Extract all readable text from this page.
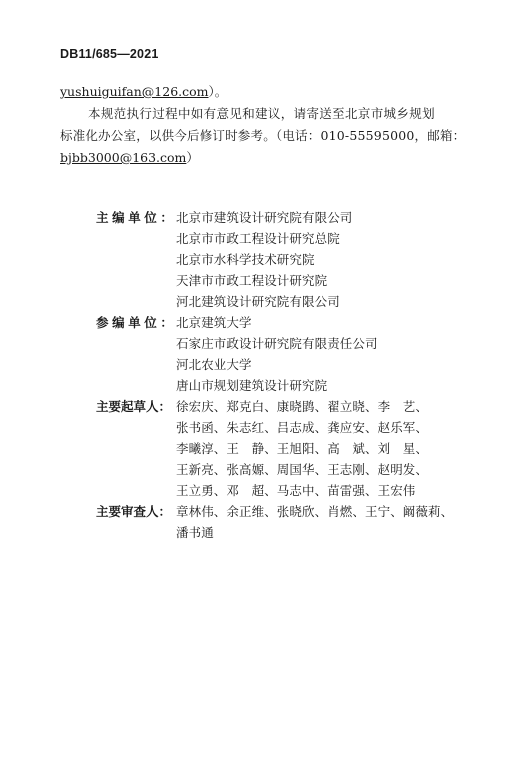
DB11/685—2021
yushuiguifan@126.com）。
本规范执行过程中如有意见和建议，请寄送至北京市城乡规划
标准化办公室，以供今后修订时参考。（电话：010-55595000，邮箱：
bjbb3000@163.com）
主编单位： 北京市建筑设计研究院有限公司
北京市市政工程设计研究总院
北京市水科学技术研究院
天津市市政工程设计研究院
河北建筑设计研究院有限公司
参编单位： 北京建筑大学
石家庄市政设计研究院有限责任公司
河北农业大学
唐山市规划建筑设计研究院
主要起草人： 徐宏庆、郑克白、康晓鹍、翟立晓、李　艺、
张书函、朱志红、吕志成、龚应安、赵乐军、
李曦淳、王　静、王旭阳、高　斌、刘　星、
王新亮、张高嫄、周国华、王志刚、赵明发、
王立勇、邓　超、马志中、苗雷强、王宏伟
主要审查人： 章林伟、余正维、张晓欣、肖燃、王宁、阚薇莉、
潘书通
